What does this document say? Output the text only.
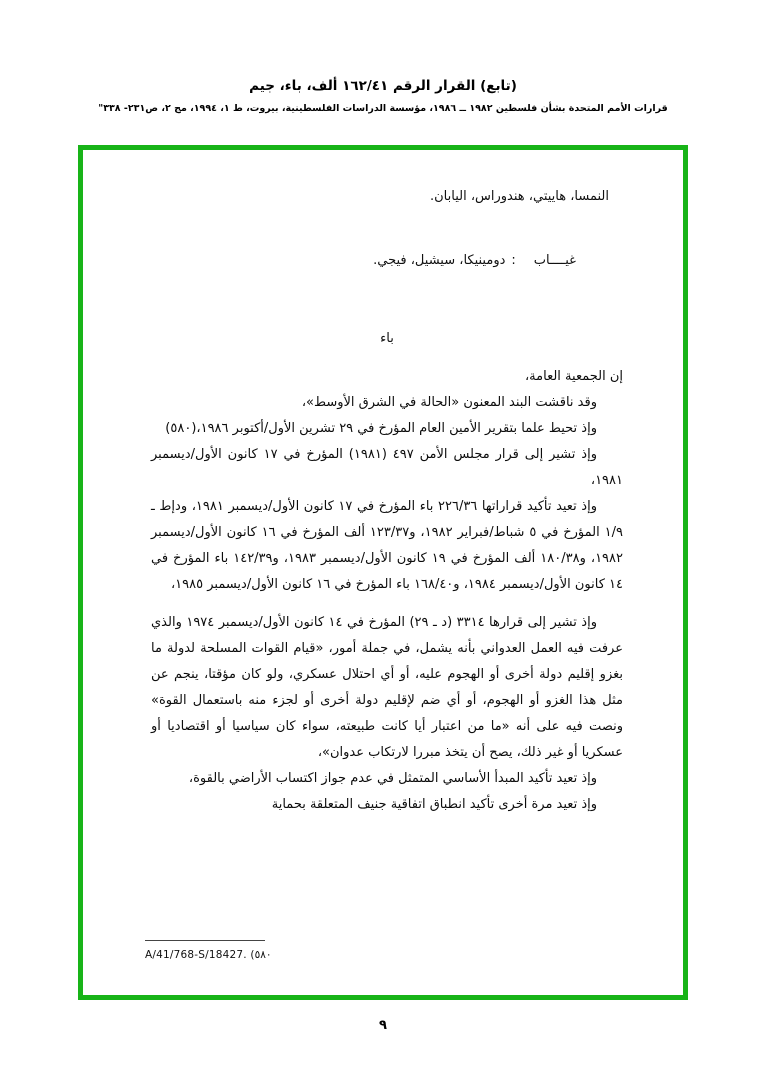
(تابع) القرار الرقم ١٦٢/٤١ ألف، باء، جيم
قرارات الأمم المتحدة بشأن فلسطين ١٩٨٢ ــ ١٩٨٦، مؤسسة الدراسات الفلسطينية، بيروت، ط ١، ١٩٩٤، مج ٢، ص٢٣١- ٣٣٨"
النمسا، هاييتي، هندوراس، اليابان.

غيــــاب:دومينيكا، سيشيل، فيجي.

باء

إن الجمعية العامة،

وقد ناقشت البند المعنون «الحالة في الشرق الأوسط»،

وإذ تحيط علما بتقرير الأمين العام المؤرخ في ٢٩ تشرين الأول/أكتوبر ١٩٨٦،(٥٨٠)

وإذ تشير إلى قرار مجلس الأمن ٤٩٧ (١٩٨١) المؤرخ في ١٧ كانون الأول/ديسمبر ١٩٨١،

وإذ تعيد تأكيد قراراتها ٢٢٦/٣٦ باء المؤرخ في ١٧ كانون الأول/ديسمبر ١٩٨١، ودإط ـ ١/٩ المؤرخ في ٥ شباط/فبراير ١٩٨٢، و١٢٣/٣٧ ألف المؤرخ في ١٦ كانون الأول/ديسمبر ١٩٨٢، و١٨٠/٣٨ ألف المؤرخ في ١٩ كانون الأول/ديسمبر ١٩٨٣، و١٤٢/٣٩ باء المؤرخ في ١٤ كانون الأول/ديسمبر ١٩٨٤، و١٦٨/٤٠ باء المؤرخ في ١٦ كانون الأول/ديسمبر ١٩٨٥،

وإذ تشير إلى قرارها ٣٣١٤ (د ـ ٢٩) المؤرخ في ١٤ كانون الأول/ديسمبر ١٩٧٤ والذي عرفت فيه العمل العدواني بأنه يشمل، في جملة أمور، «قيام القوات المسلحة لدولة ما بغزو إقليم دولة أخرى أو الهجوم عليه، أو أي احتلال عسكري، ولو كان مؤقتا، ينجم عن مثل هذا الغزو أو الهجوم، أو أي ضم لإقليم دولة أخرى أو لجزء منه باستعمال القوة» ونصت فيه على أنه «ما من اعتبار أيا كانت طبيعته، سواء كان سياسيا أو اقتصاديا أو عسكريا أو غير ذلك، يصح أن يتخذ مبررا لارتكاب عدوان»،

وإذ تعيد تأكيد المبدأ الأساسي المتمثل في عدم جواز اكتساب الأراضي بالقوة،

وإذ تعيد مرة أخرى تأكيد انطباق اتفاقية جنيف المتعلقة بحماية

A/41/768-S/18427. (٥٨٠
٩
